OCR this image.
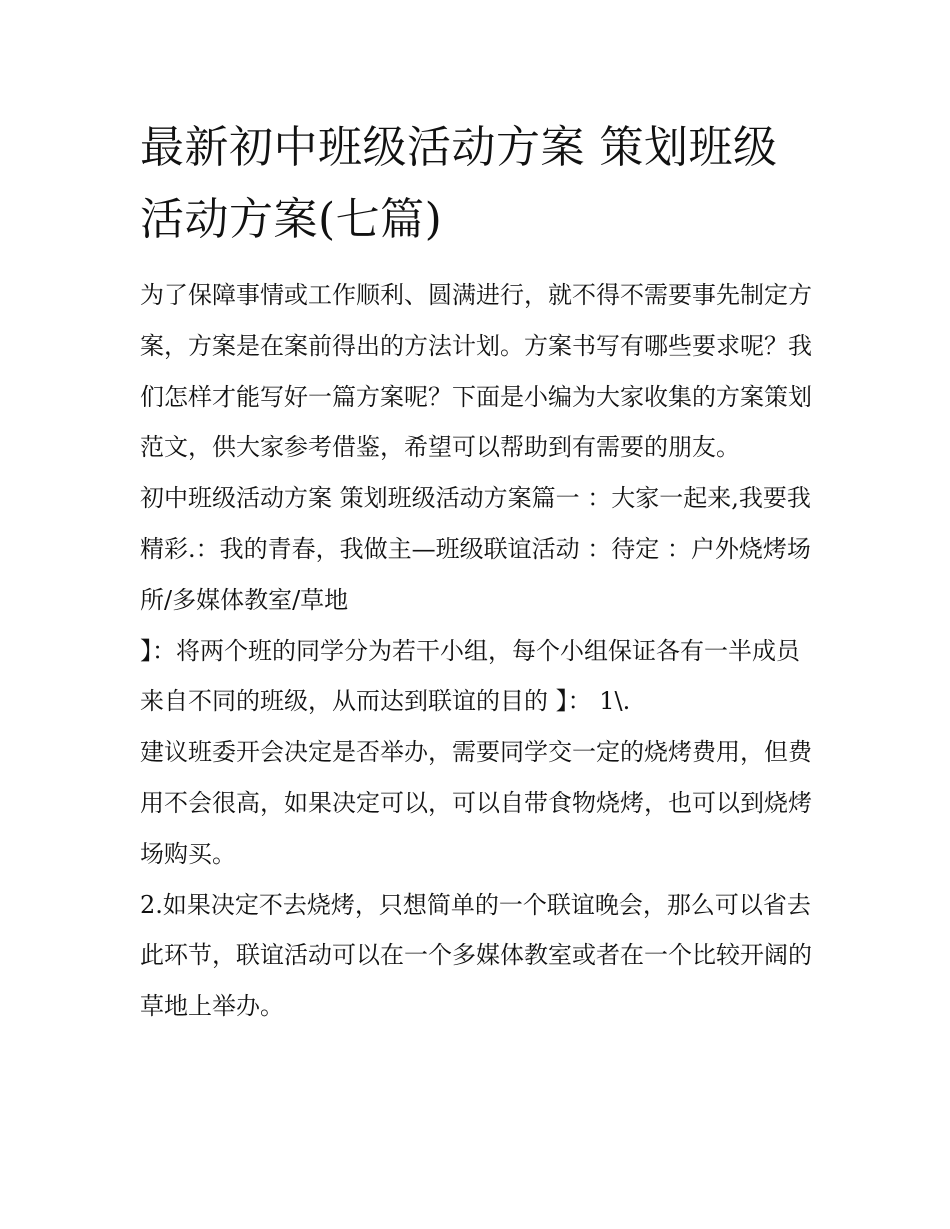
最新初中班级活动方案 策划班级活动方案(七篇)

为了保障事情或工作顺利、圆满进行，就不得不需要事先制定方案，方案是在案前得出的方法计划。方案书写有哪些要求呢？我们怎样才能写好一篇方案呢？下面是小编为大家收集的方案策划范文，供大家参考借鉴，希望可以帮助到有需要的朋友。

初中班级活动方案 策划班级活动方案篇一 ：大家一起来,我要我精彩.：我的青春，我做主—班级联谊活动 ：待定 ：户外烧烤场所/多媒体教室/草地

】：将两个班的同学分为若干小组，每个小组保证各有一半成员来自不同的班级，从而达到联谊的目的 】： 1\.

建议班委开会决定是否举办，需要同学交一定的烧烤费用，但费用不会很高，如果决定可以，可以自带食物烧烤，也可以到烧烤场购买。

2.如果决定不去烧烤，只想简单的一个联谊晚会，那么可以省去此环节，联谊活动可以在一个多媒体教室或者在一个比较开阔的草地上举办。
